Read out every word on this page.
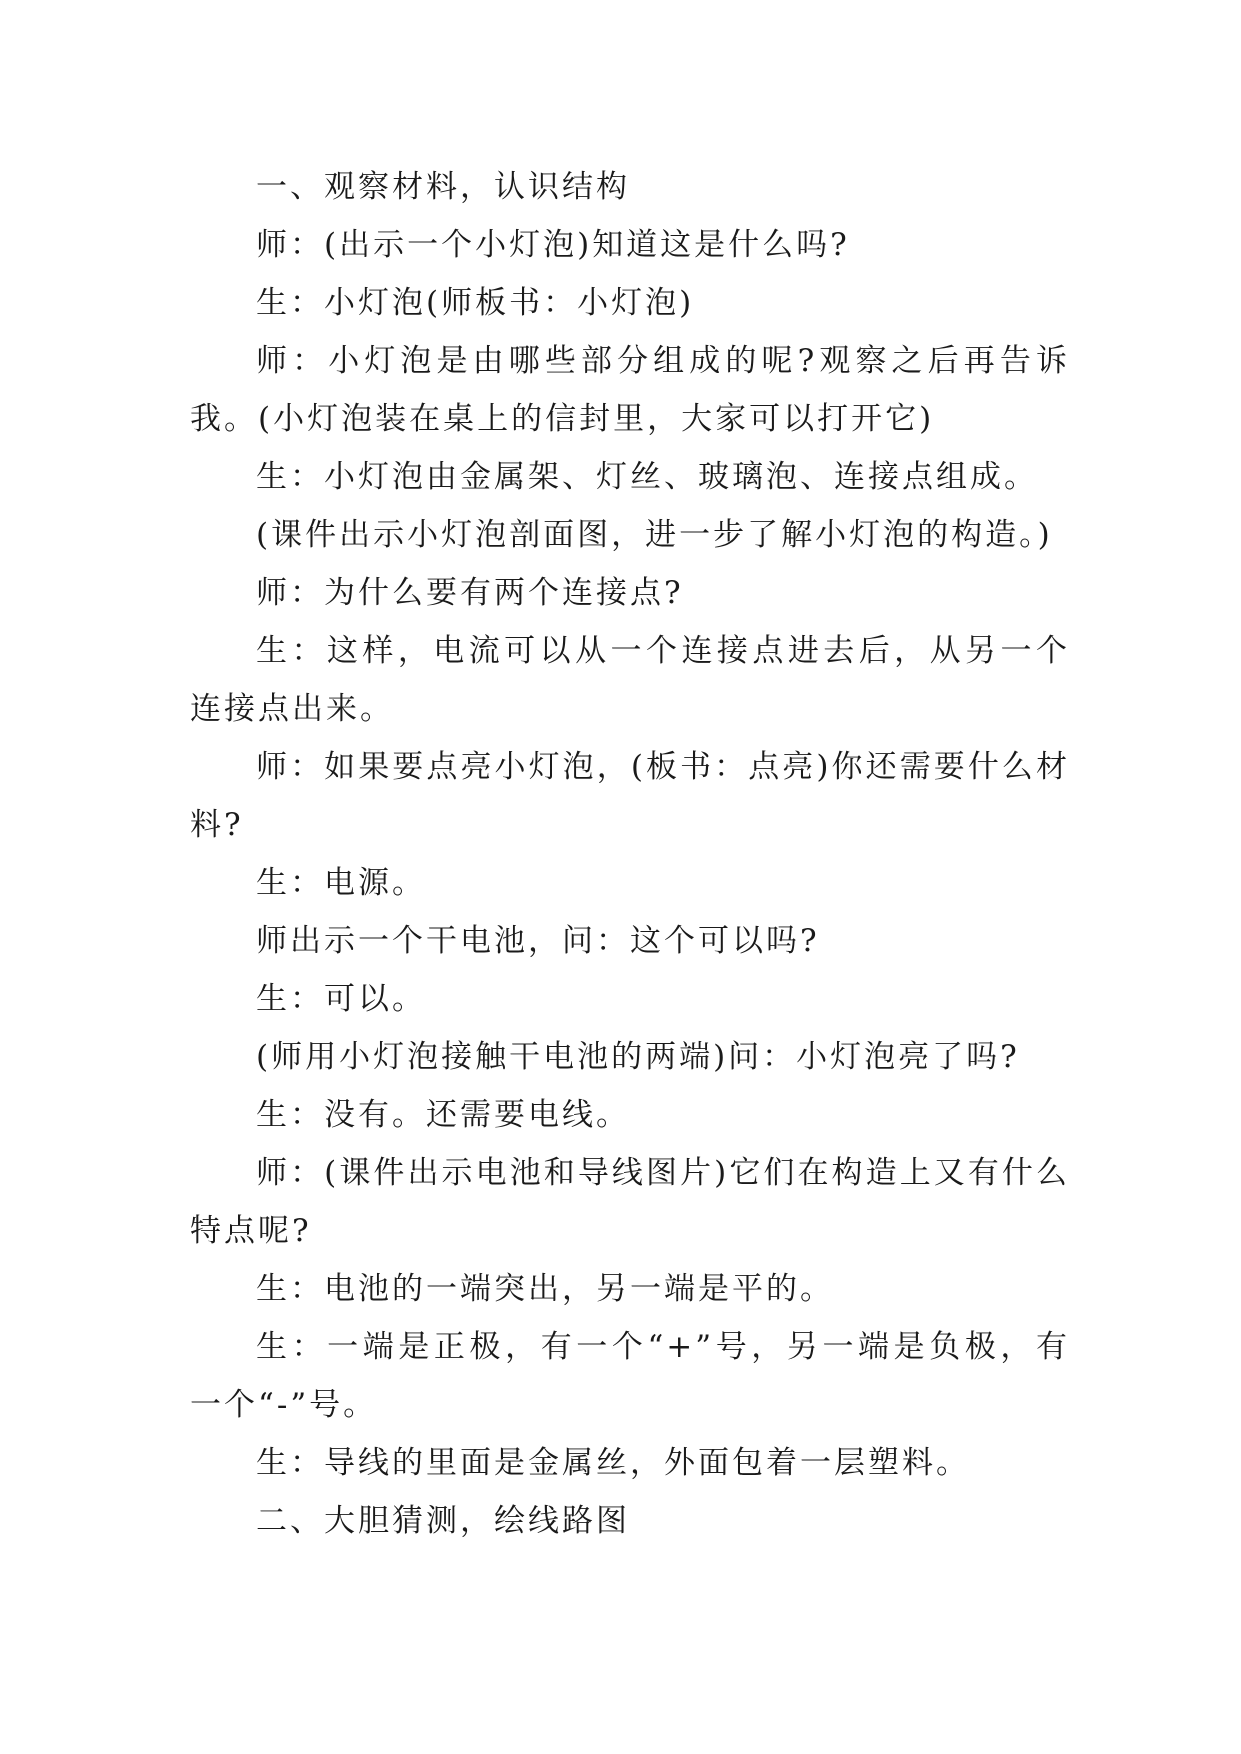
一、观察材料，认识结构

师：(出示一个小灯泡)知道这是什么吗?

生：小灯泡(师板书：小灯泡)

师：小灯泡是由哪些部分组成的呢?观察之后再告诉我。(小灯泡装在桌上的信封里，大家可以打开它)

生：小灯泡由金属架、灯丝、玻璃泡、连接点组成。

(课件出示小灯泡剖面图，进一步了解小灯泡的构造。)

师：为什么要有两个连接点?

生：这样，电流可以从一个连接点进去后，从另一个连接点出来。

师：如果要点亮小灯泡，(板书：点亮)你还需要什么材料?

生：电源。

师出示一个干电池，问：这个可以吗?

生：可以。

(师用小灯泡接触干电池的两端)问：小灯泡亮了吗?

生：没有。还需要电线。

师：(课件出示电池和导线图片)它们在构造上又有什么特点呢?

生：电池的一端突出，另一端是平的。

生：一端是正极，有一个“+”号，另一端是负极，有一个“-”号。

生：导线的里面是金属丝，外面包着一层塑料。

二、大胆猜测，绘线路图
